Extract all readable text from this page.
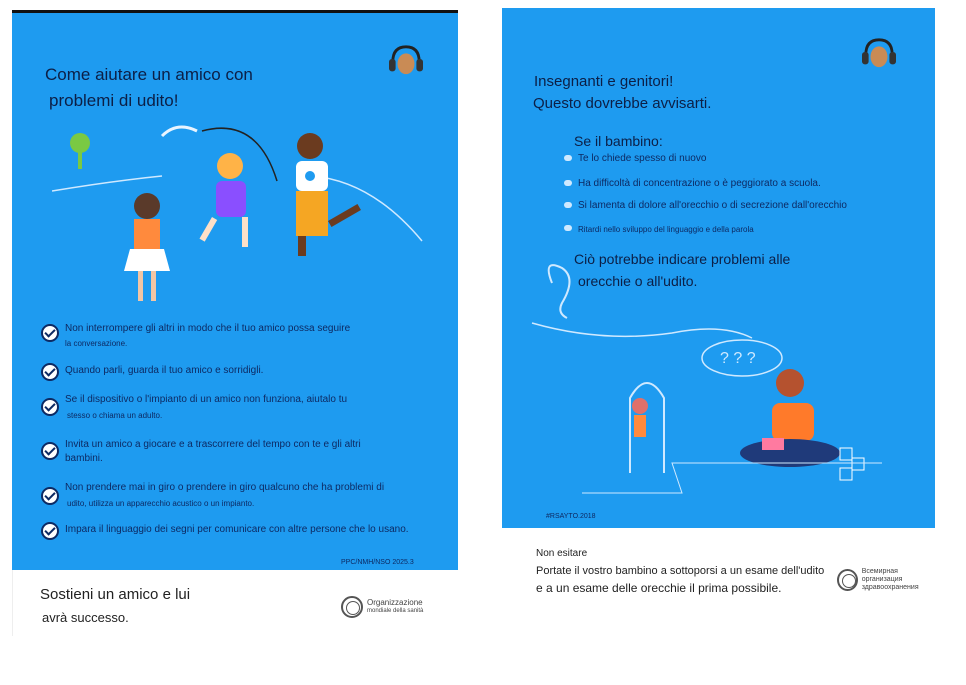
Come aiutare un amico con
problemi di udito!
Non interrompere gli altri in modo che il tuo amico possa seguire
la conversazione.
Quando parli, guarda il tuo amico e sorridigli.
Se il dispositivo o l'impianto di un amico non funziona, aiutalo tu
stesso o chiama un adulto.
Invita un amico a giocare e a trascorrere del tempo con te e gli altri
bambini.
Non prendere mai in giro o prendere in giro qualcuno che ha problemi di
udito, utilizza un apparecchio acustico o un impianto.
Impara il linguaggio dei segni per comunicare con altre persone che lo usano.
PPC/NMH/NSO 2025.3
Sostieni un amico e lui
avrà successo.
Organizzazione
mondiale della sanità
Insegnanti e genitori!
Questo dovrebbe avvisarti.
Se il bambino:
Te lo chiede spesso di nuovo
Ha difficoltà di concentrazione o è peggiorato a scuola.
Si lamenta di dolore all'orecchio o di secrezione dall'orecchio
Ritardi nello sviluppo del linguaggio e della parola
Ciò potrebbe indicare problemi alle
orecchie o all'udito.
? ? ?
#RSAYTO.2018
Non esitare
Portate il vostro bambino a sottoporsi a un esame dell'udito
e a un esame delle orecchie il prima possibile.
Всемирная организация
здравоохранения
